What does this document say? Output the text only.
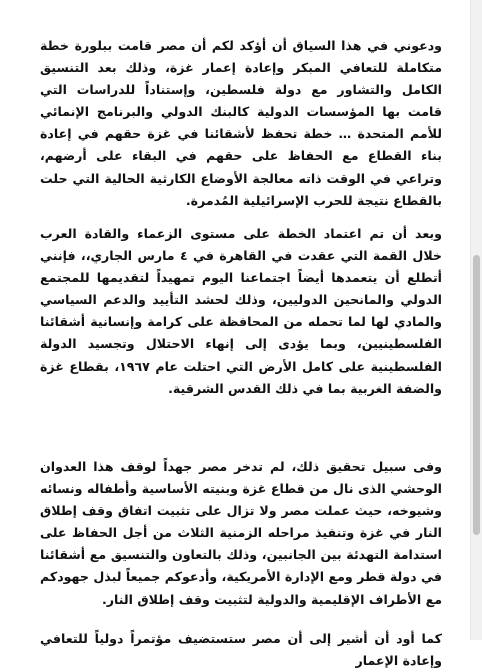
ودعوني في هذا السياق أن أؤكد لكم أن مصر قامت ببلورة خطة متكاملة للتعافي المبكر وإعادة إعمار غزة، وذلك بعد التنسيق الكامل والتشاور مع دولة فلسطين، وإستناداً للدراسات التي قامت بها المؤسسات الدولية كالبنك الدولي والبرنامج الإنمائي للأمم المتحدة … خطة تحفظ لأشقائنا في غزة حقهم في إعادة بناء القطاع مع الحفاظ على حقهم في البقاء على أرضهم، وتراعي في الوقت ذاته معالجة الأوضاع الكارثية الحالية التي حلت بالقطاع نتيجة للحرب الإسرائيلية المُدمرة.

وبعد أن تم اعتماد الخطة على مستوى الزعماء والقادة العرب خلال القمة التي عقدت في القاهرة في ٤ مارس الجاري،، فإنني أتطلع أن يتعمدها أيضاً اجتماعنا اليوم تمهيداً لتقديمها للمجتمع الدولي والمانحين الدوليين، وذلك لحشد التأييد والدعم السياسي والمادي لها لما تحمله من المحافظة على كرامة وإنسانية أشقائنا الفلسطينيين، وبما يؤدى إلى إنهاء الاحتلال وتجسيد الدولة الفلسطينية على كامل الأرض التي احتلت عام ١٩٦٧، بقطاع غزة والضفة الغربية بما في ذلك القدس الشرقية.

وفى سبيل تحقيق ذلك، لم تدخر مصر جهداً لوقف هذا العدوان الوحشي الذى نال من قطاع غزة وبنيته الأساسية وأطفاله ونسائه وشيوخه، حيث عملت مصر ولا تزال على تثبيت اتفاق وقف إطلاق النار في غزة وتنفيذ مراحله الزمنية الثلاث من أجل الحفاظ على استدامة التهدئة بين الجانبين، وذلك بالتعاون والتنسيق مع أشقائنا في دولة قطر ومع الإدارة الأمريكية، وأدعوكم جميعاً لبذل جهودكم مع الأطراف الإقليمية والدولية لتثبيت وقف إطلاق النار.

كما أود أن أشير إلى أن مصر ستستضيف مؤتمراً دولياً للتعافي وإعادة الإعمار
